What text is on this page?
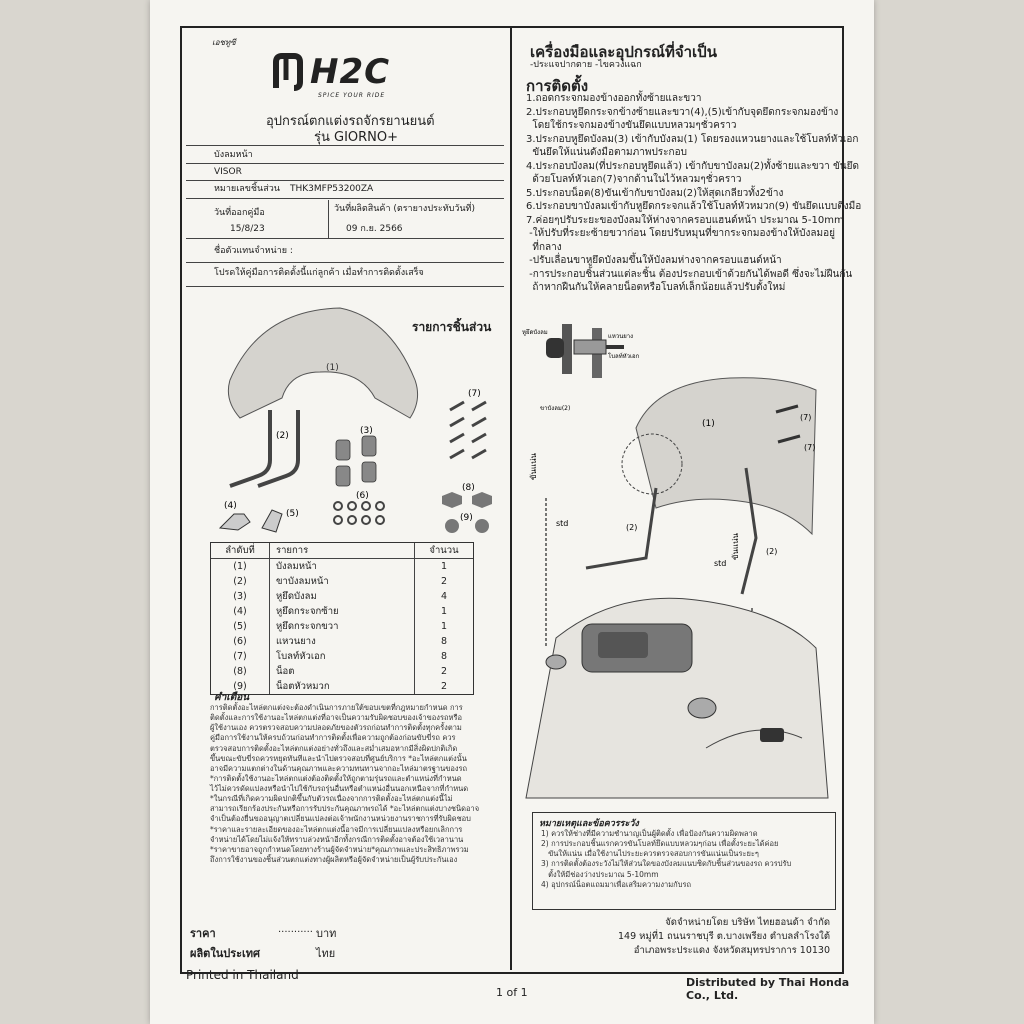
เอชทูซี
H2C
SPICE YOUR RIDE
อุปกรณ์ตกแต่งรถจักรยานยนต์
รุ่น GIORNO+
บังลมหน้า
VISOR
หมายเลขชิ้นส่วน THK3MFP53200ZA
วันที่ออกคู่มือ
15/8/23
วันที่ผลิตสินค้า (ตรายางประทับวันที่)
09 ก.ย. 2566
ชื่อตัวแทนจำหน่าย :
โปรดให้คู่มือการติดตั้งนี้แก่ลูกค้า เมื่อทำการติดตั้งเสร็จ
รายการชิ้นส่วน
(1)
(2)	(3)
(7)
(6)
(8)
(9)
(4)
(5)
ลำดับที่	รายการ	จำนวน
(1)	บังลมหน้า	1
(2)	ขาบังลมหน้า	2
(3)	หูยึดบังลม	4
(4)	หูยึดกระจกซ้าย	1
(5)	หูยึดกระจกขวา	1
(6)	แหวนยาง	8
(7)	โบลท์หัวเอก	8
(8)	น็อต	2
(9)	น็อตหัวหมวก	2
คำเตือน
การติดตั้งอะไหล่ตกแต่งจะต้องดำเนินการภายใต้ขอบเขตที่กฎหมายกำหนด การ
ติดตั้งและการใช้งานอะไหล่ตกแต่งที่อาจเป็นความรับผิดชอบของเจ้าของรถหรือ
ผู้ใช้งานเอง ควรตรวจสอบความปลอดภัยของตัวรถก่อนทำการติดตั้งทุกครั้งตาม
คู่มือการใช้งานให้ครบถ้วนก่อนทำการติดตั้งเพื่อความถูกต้องก่อนขับขี่รถ ควร
ตรวจสอบการติดตั้งอะไหล่ตกแต่งอย่างทั่วถึงและสม่ำเสมอหากมีสิ่งผิดปกติเกิด
ขึ้นขณะขับขี่รถควรหยุดทันทีและนำไปตรวจสอบที่ศูนย์บริการ *อะไหล่ตกแต่งนั้น
อาจมีความแตกต่างในด้านคุณภาพและความทนทานจากอะไหล่มาตรฐานของรถ
*การติดตั้งใช้งานอะไหล่ตกแต่งต้องติดตั้งให้ถูกตามรุ่นรถและตำแหน่งที่กำหนด
ไว้ไม่ควรดัดแปลงหรือนำไปใช้กับรถรุ่นอื่นหรือตำแหน่งอื่นนอกเหนือจากที่กำหนด
*ในกรณีที่เกิดความผิดปกติขึ้นกับตัวรถเนื่องจากการติดตั้งอะไหล่ตกแต่งนี้ไม่
สามารถเรียกร้องประกันหรือการรับประกันคุณภาพรถได้ *อะไหล่ตกแต่งบางชนิดอาจ
จำเป็นต้องยื่นขออนุญาตเปลี่ยนแปลงต่อเจ้าพนักงานหน่วยงานราชการที่รับผิดชอบ
*ราคาและรายละเอียดของอะไหล่ตกแต่งนี้อาจมีการเปลี่ยนแปลงหรือยกเลิกการ
จำหน่ายได้โดยไม่แจ้งให้ทราบล่วงหน้าอีกทั้งกรณีการติดตั้งอาจต้องใช้เวลานาน
*ราคาขายอาจถูกกำหนดโดยทางร้านผู้จัดจำหน่าย*คุณภาพและประสิทธิภาพรวม
ถึงการใช้งานของชิ้นส่วนตกแต่งทางผู้ผลิตหรือผู้จัดจำหน่ายเป็นผู้รับประกันเอง
ราคา	........... บาท
ผลิตในประเทศ	ไทย
เครื่องมือและอุปกรณ์ที่จำเป็น
-ประแจปากตาย -ไขควงแฉก
การติดตั้ง
1.ถอดกระจกมองข้างออกทั้งซ้ายและขวา
2.ประกอบหูยึดกระจกข้างซ้ายและขวา(4),(5)เข้ากับจุดยึดกระจกมองข้าง
โดยใช้กระจกมองข้างขันยึดแบบหลวมๆชั่วคราว
3.ประกอบหูยึดบังลม(3) เข้ากับบังลม(1) โดยรองแหวนยางและใช้โบลท์หัวเอก
ขันยึดให้แน่นดังมือตามภาพประกอบ
4.ประกอบบังลม(ที่ประกอบหูยึดแล้ว) เข้ากับขาบังลม(2)ทั้งซ้ายและขวา ขันยึด
ด้วยโบลท์หัวเอก(7)จากด้านในไว้หลวมๆชั่วคราว
5.ประกอบน็อต(8)ขันเข้ากับขาบังลม(2)ให้สุดเกลียวทั้ง2ข้าง
6.ประกอบขาบังลมเข้ากับหูยึดกระจกแล้วใช้โบลท์หัวหมวก(9) ขันยึดแบบตึงมือ
7.ค่อยๆปรับระยะของบังลมให้ห่างจากครอบแฮนด์หน้า ประมาณ 5-10mm
-ให้ปรับที่ระยะซ้ายขวาก่อน โดยปรับหมุนที่ขากระจกมองข้างให้บังลมอยู่
ที่กลาง
-ปรับเลื่อนขาหูยึดบังลมขึ้นให้บังลมห่างจากครอบแฮนด์หน้า
-การประกอบชิ้นส่วนแต่ละชิ้น ต้องประกอบเข้าด้วยกันได้พอดี ซึ่งจะไม่ฝืนกัน
ถ้าหากฝืนกันให้คลายน็อตหรือโบลท์เล็กน้อยแล้วปรับตั้งใหม่
หูยึดบังลม
แหวนยาง
โบลท์หัวเอก
ขาบังลม(2)
(1)
(2)
(2)
(7)
(7)
ขันแน่น
ขันแน่น
std
std
หมายเหตุและข้อควรระวัง
1) ควรให้ช่างที่มีความชำนาญเป็นผู้ติดตั้ง เพื่อป้องกันความผิดพลาด
2) การประกอบชิ้นแรกควรขันโบลท์ยึดแบบหลวมๆก่อน เพื่อตั้งระยะได้ค่อย
ขันให้แน่น เมื่อใช้งานไประยะควรตรวจสอบการขันแน่นเป็นระยะๆ
3) การติดตั้งต้องระวังไม่ให้ส่วนใดของบังลมแนบชิดกับชิ้นส่วนของรถ ควรปรับ
ตั้งให้มีช่องว่างประมาณ 5-10mm
4) อุปกรณ์น็อตแถมมาเพื่อเสริมความงามกับรถ
จัดจำหน่ายโดย บริษัท ไทยฮอนด้า จำกัด
149 หมู่ที่1 ถนนราชบุรี ต.บางเพรียง ตำบลลำโรงใต้
อำเภอพระประแดง จังหวัดสมุทรปราการ 10130
Printed in Thailand
1 of 1
Distributed by Thai Honda Co., Ltd.
